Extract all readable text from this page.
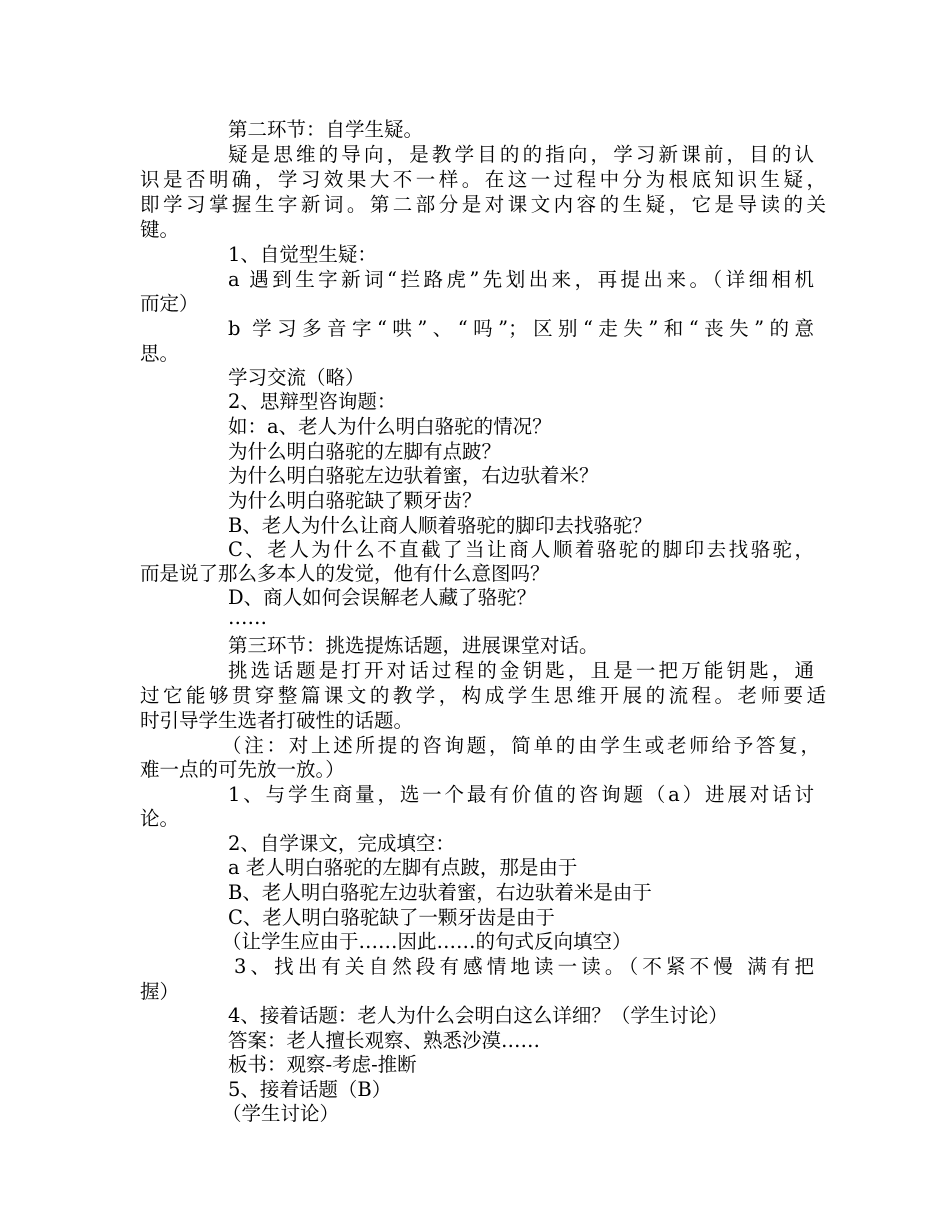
第二环节：自学生疑。
疑是思维的导向，是教学目的的指向，学习新课前，目的认
识是否明确，学习效果大不一样。在这一过程中分为根底知识生疑，
即学习掌握生字新词。第二部分是对课文内容的生疑，它是导读的关
键。
1、自觉型生疑：
a 遇到生字新词“拦路虎”先划出来，再提出来。（详细相机
而定）
b 学习多音字“哄”、“吗”；区别“走失”和“丧失”的意
思。
学习交流（略）
2、思辩型咨询题：
如：a、老人为什么明白骆驼的情况？
为什么明白骆驼的左脚有点跛？
为什么明白骆驼左边驮着蜜，右边驮着米？
为什么明白骆驼缺了颗牙齿？
B、老人为什么让商人顺着骆驼的脚印去找骆驼？
C、老人为什么不直截了当让商人顺着骆驼的脚印去找骆驼，
而是说了那么多本人的发觉，他有什么意图吗？
D、商人如何会误解老人藏了骆驼？
……
第三环节：挑选提炼话题，进展课堂对话。
挑选话题是打开对话过程的金钥匙，且是一把万能钥匙，通
过它能够贯穿整篇课文的教学，构成学生思维开展的流程。老师要适
时引导学生选者打破性的话题。
（注：对上述所提的咨询题，简单的由学生或老师给予答复，
难一点的可先放一放。）
1、与学生商量，选一个最有价值的咨询题（a）进展对话讨
论。
2、自学课文，完成填空：
a 老人明白骆驼的左脚有点跛，那是由于
B、老人明白骆驼左边驮着蜜，右边驮着米是由于
C、老人明白骆驼缺了一颗牙齿是由于
（让学生应由于……因此……的句式反向填空）
3、找出有关自然段有感情地读一读。（不紧不慢 满有把
握）
4、接着话题：老人为什么会明白这么详细？（学生讨论）
答案：老人擅长观察、熟悉沙漠……
板书：观察-考虑-推断
5、接着话题（B）
（学生讨论）
